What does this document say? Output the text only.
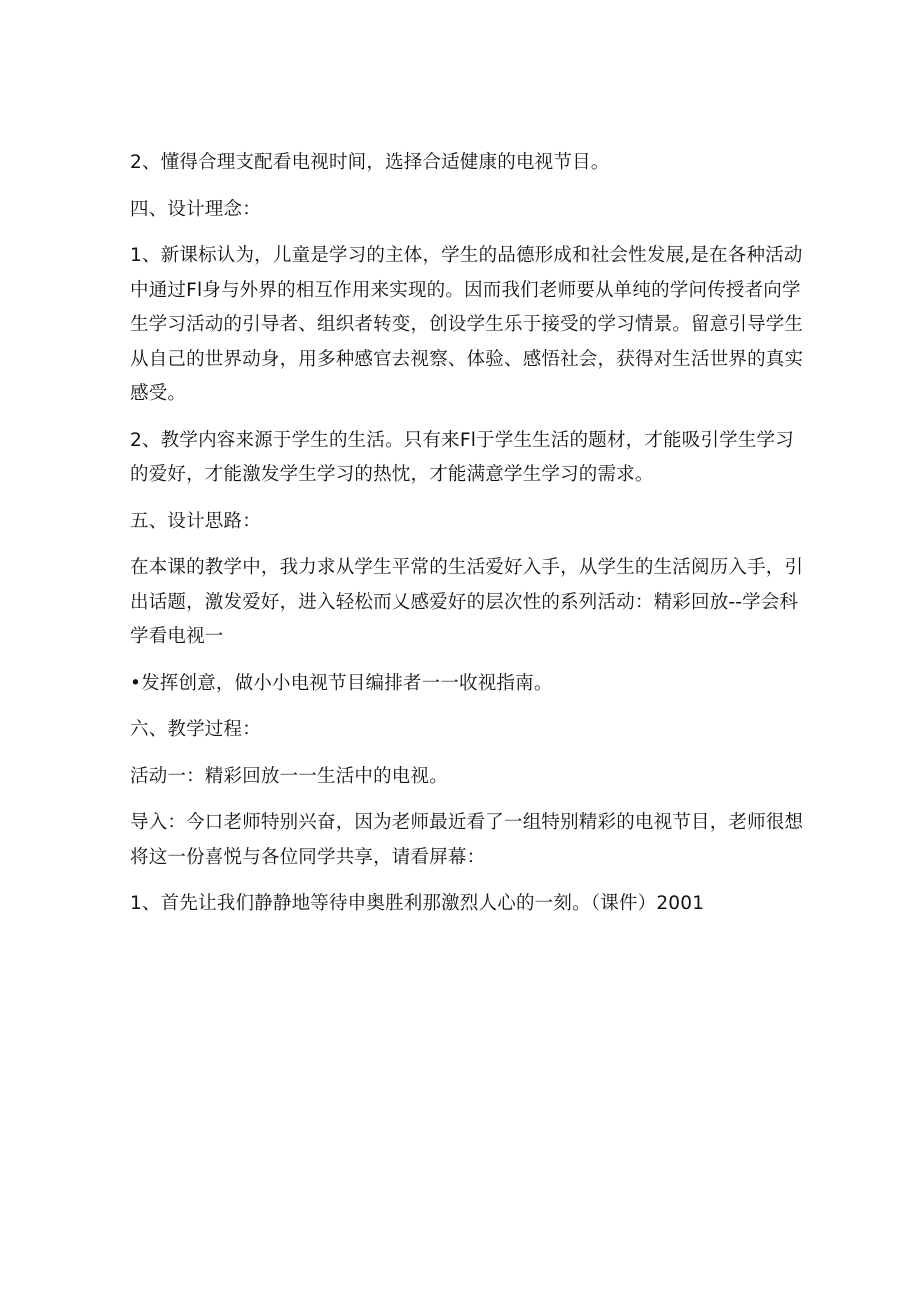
2、懂得合理支配看电视时间，选择合适健康的电视节目。

四、设计理念：

1、新课标认为，儿童是学习的主体，学生的品德形成和社会性发展,是在各种活动中通过Fl身与外界的相互作用来实现的。因而我们老师要从单纯的学问传授者向学生学习活动的引导者、组织者转变，创设学生乐于接受的学习情景。留意引导学生从自己的世界动身，用多种感官去视察、体验、感悟社会，获得对生活世界的真实感受。

2、教学内容来源于学生的生活。只有来Fl于学生生活的题材，才能吸引学生学习的爱好，才能激发学生学习的热忱，才能满意学生学习的需求。

五、设计思路：

在本课的教学中，我力求从学生平常的生活爱好入手，从学生的生活阅历入手，引出话题，激发爱好，进入轻松而乂感爱好的层次性的系列活动：精彩回放--学会科学看电视一

•发挥创意，做小小电视节目编排者一一收视指南。

六、教学过程：

活动一：精彩回放一一生活中的电视。

导入：今口老师特别兴奋，因为老师最近看了一组特别精彩的电视节目，老师很想将这一份喜悦与各位同学共享，请看屏幕：

1、首先让我们静静地等待申奥胜利那激烈人心的一刻。（课件）2001
